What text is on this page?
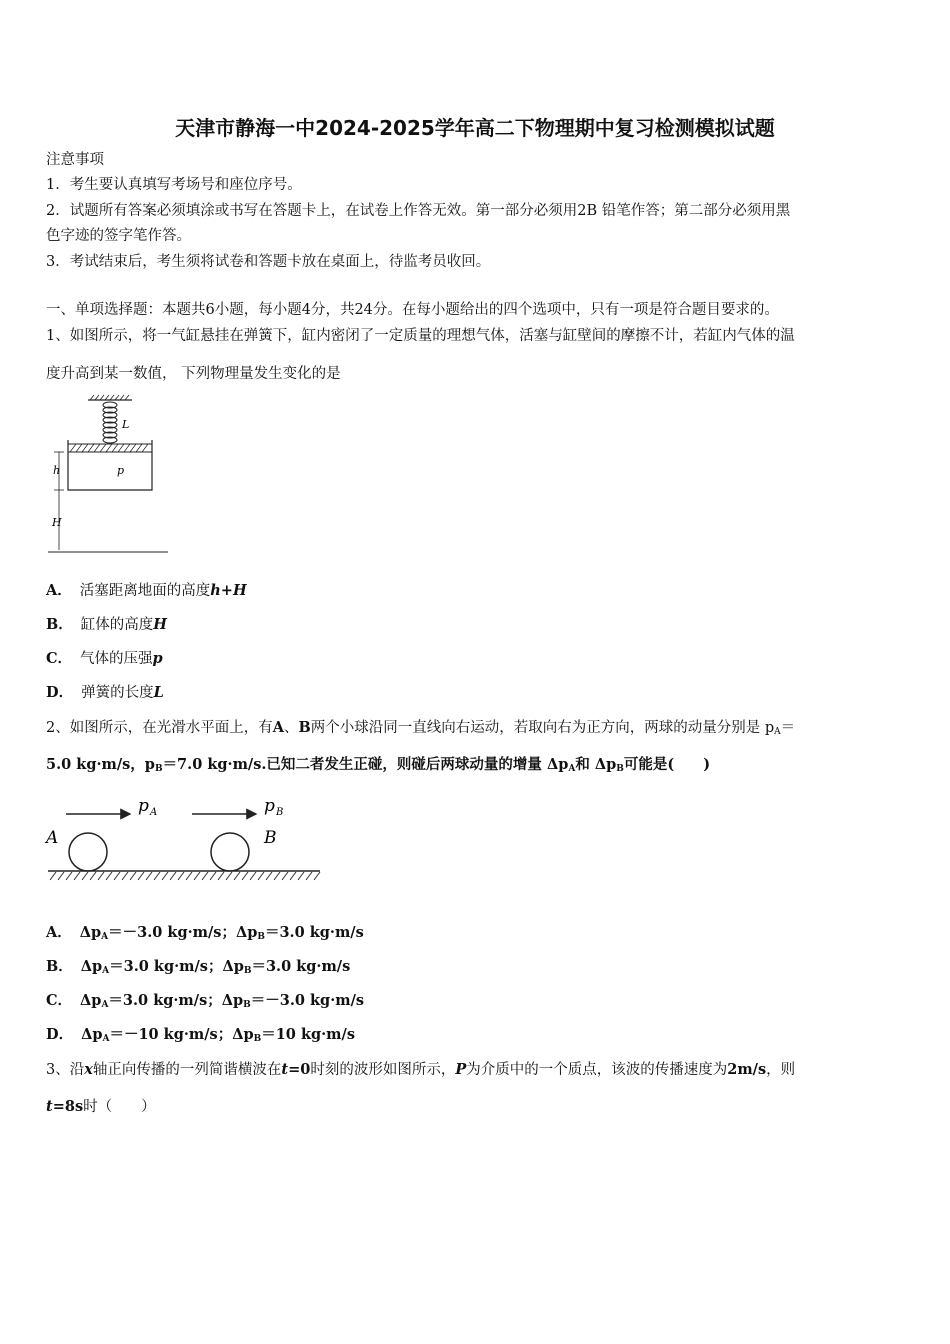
天津市静海一中2024-2025学年高二下物理期中复习检测模拟试题
注意事项
1．考生要认真填写考场号和座位序号。
2．试题所有答案必须填涂或书写在答题卡上，在试卷上作答无效。第一部分必须用2B 铅笔作答；第二部分必须用黑
色字迹的签字笔作答。
3．考试结束后，考生须将试卷和答题卡放在桌面上，待监考员收回。
一、单项选择题：本题共6小题，每小题4分，共24分。在每小题给出的四个选项中，只有一项是符合题目要求的。
1、如图所示，将一气缸悬挂在弹簧下，缸内密闭了一定质量的理想气体，活塞与缸壁间的摩擦不计，若缸内气体的温
度升高到某一数值， 下列物理量发生变化的是
L
p
h
H
A． 活塞距离地面的高度h+H
B． 缸体的高度H
C． 气体的压强p
D． 弹簧的长度L
2、如图所示，在光滑水平面上，有A、B两个小球沿同一直线向右运动，若取向右为正方向，两球的动量分别是 $p_A=$
5.0 kg·m/s，$p_B=7.0$ kg·m/s.已知二者发生正碰，则碰后两球动量的增量 $\Delta p_A$和 $\Delta p_B$可能是(　　)
p A	p B
A	B
A． $\Delta p_A=-3.0$ kg·m/s；$\Delta p_B=3.0$ kg·m/s
B． $\Delta p_A=3.0$ kg·m/s；$\Delta p_B=3.0$ kg·m/s
C． $\Delta p_A=3.0$ kg·m/s；$\Delta p_B=-3.0$ kg·m/s
D． $\Delta p_A=-10$ kg·m/s；$\Delta p_B=10$ kg·m/s
3、沿x轴正向传播的一列简谐横波在t=0时刻的波形如图所示，P为介质中的一个质点，该波的传播速度为2m/s，则
t=8s时（　　）
